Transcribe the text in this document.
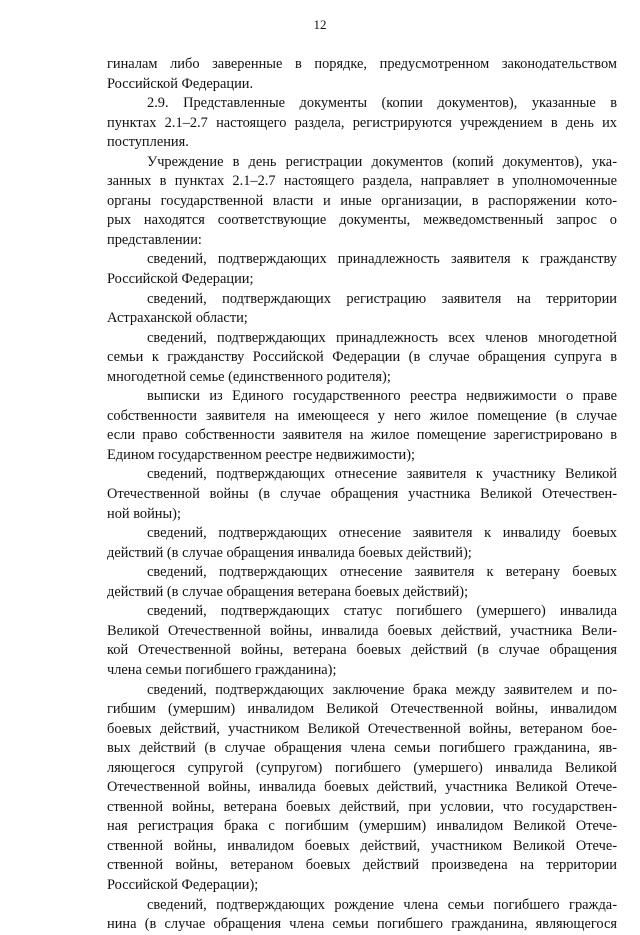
12
гиналам либо заверенные в порядке, предусмотренном законодательством
Российской Федерации.
2.9. Представленные документы (копии документов), указанные в
пунктах 2.1–2.7 настоящего раздела, регистрируются учреждением в день их
поступления.
Учреждение в день регистрации документов (копий документов), ука-
занных в пунктах 2.1–2.7 настоящего раздела, направляет в уполномоченные
органы государственной власти и иные организации, в распоряжении кото-
рых находятся соответствующие документы, межведомственный запрос о
представлении:
сведений, подтверждающих принадлежность заявителя к гражданству
Российской Федерации;
сведений, подтверждающих регистрацию заявителя на территории
Астраханской области;
сведений, подтверждающих принадлежность всех членов многодетной
семьи к гражданству Российской Федерации (в случае обращения супруга в
многодетной семье (единственного родителя);
выписки из Единого государственного реестра недвижимости о праве
собственности заявителя на имеющееся у него жилое помещение (в случае
если право собственности заявителя на жилое помещение зарегистрировано в
Едином государственном реестре недвижимости);
сведений, подтверждающих отнесение заявителя к участнику Великой
Отечественной войны (в случае обращения участника Великой Отечествен-
ной войны);
сведений, подтверждающих отнесение заявителя к инвалиду боевых
действий (в случае обращения инвалида боевых действий);
сведений, подтверждающих отнесение заявителя к ветерану боевых
действий (в случае обращения ветерана боевых действий);
сведений, подтверждающих статус погибшего (умершего) инвалида
Великой Отечественной войны, инвалида боевых действий, участника Вели-
кой Отечественной войны, ветерана боевых действий (в случае обращения
члена семьи погибшего гражданина);
сведений, подтверждающих заключение брака между заявителем и по-
гибшим (умершим) инвалидом Великой Отечественной войны, инвалидом
боевых действий, участником Великой Отечественной войны, ветераном бое-
вых действий (в случае обращения члена семьи погибшего гражданина, яв-
ляющегося супругой (супругом) погибшего (умершего) инвалида Великой
Отечественной войны, инвалида боевых действий, участника Великой Отече-
ственной войны, ветерана боевых действий, при условии, что государствен-
ная регистрация брака с погибшим (умершим) инвалидом Великой Отече-
ственной войны, инвалидом боевых действий, участником Великой Отече-
ственной войны, ветераном боевых действий произведена на территории
Российской Федерации);
сведений, подтверждающих рождение члена семьи погибшего гражда-
нина (в случае обращения члена семьи погибшего гражданина, являющегося
